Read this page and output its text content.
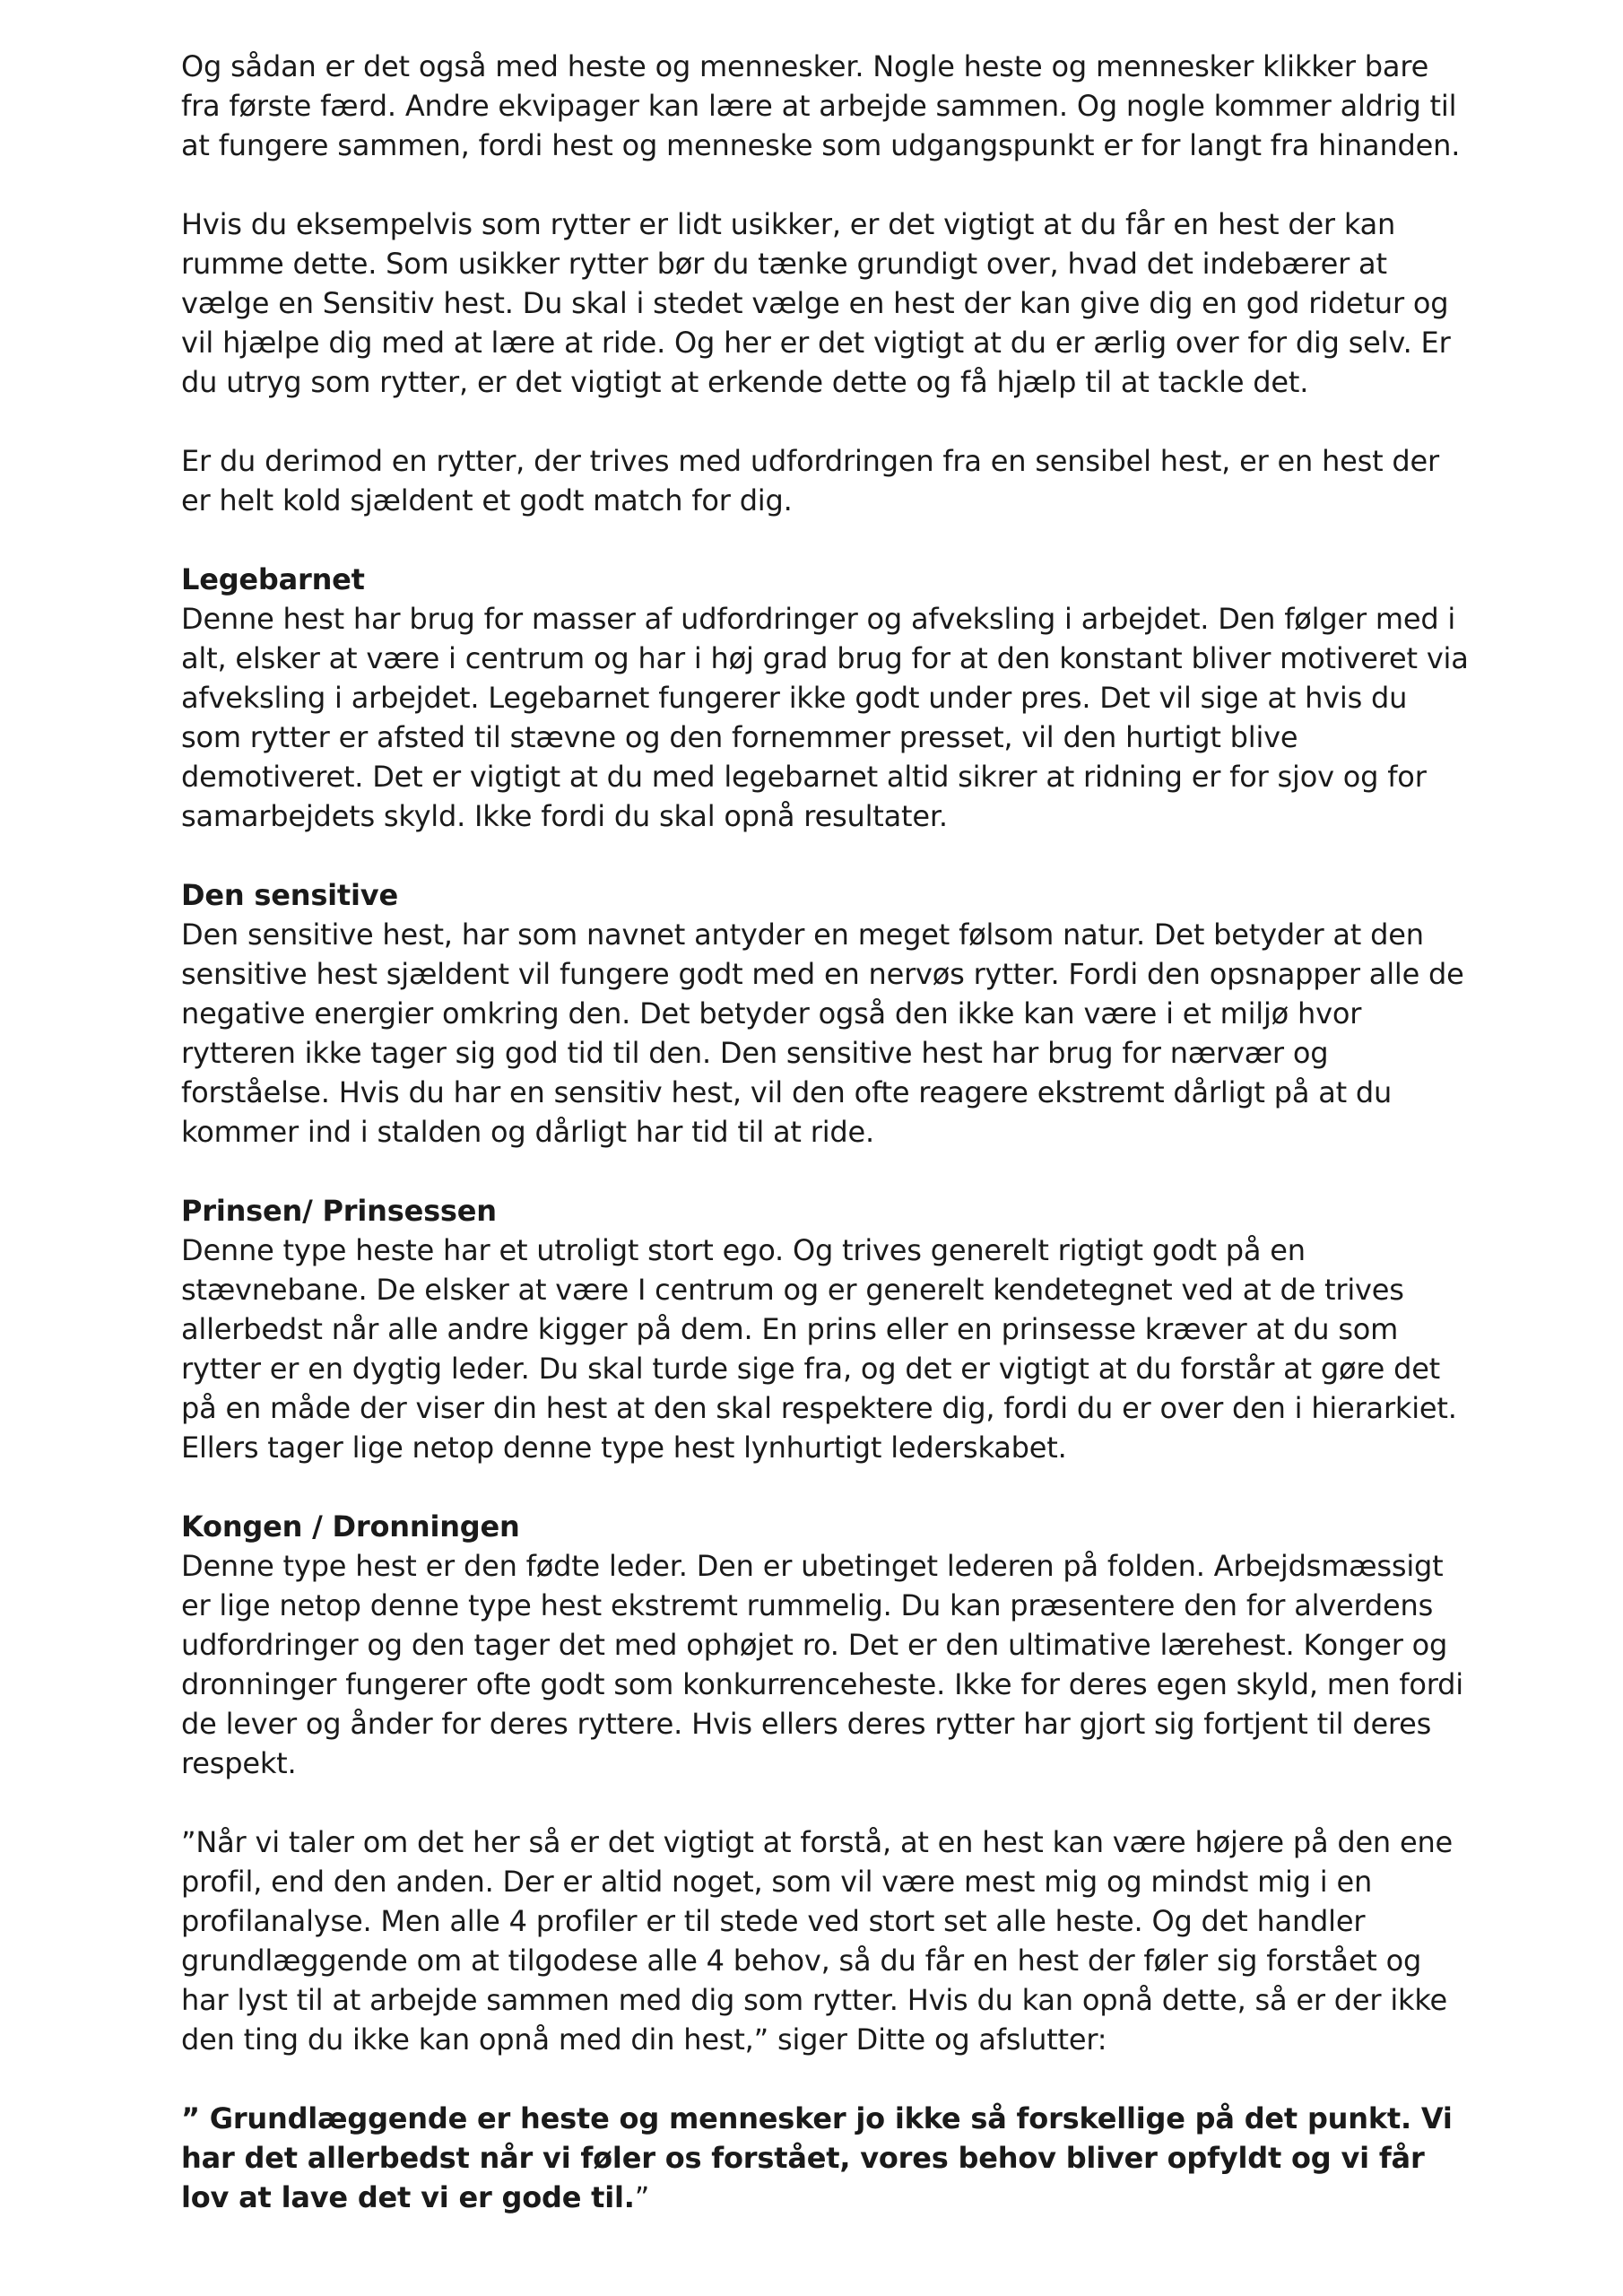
Og sådan er det også med heste og mennesker. Nogle heste og mennesker klikker bare fra første færd. Andre ekvipager kan lære at arbejde sammen. Og nogle kommer aldrig til at fungere sammen, fordi hest og menneske som udgangspunkt er for langt fra hinanden.

Hvis du eksempelvis som rytter er lidt usikker, er det vigtigt at du får en hest der kan rumme dette. Som usikker rytter bør du tænke grundigt over, hvad det indebærer at vælge en Sensitiv hest. Du skal i stedet vælge en hest der kan give dig en god ridetur og vil hjælpe dig med at lære at ride. Og her er det vigtigt at du er ærlig over for dig selv. Er du utryg som rytter, er det vigtigt at erkende dette og få hjælp til at tackle det.

Er du derimod en rytter, der trives med udfordringen fra en sensibel hest, er en hest der er helt kold sjældent et godt match for dig.

Legebarnet
Denne hest har brug for masser af udfordringer og afveksling i arbejdet. Den følger med i alt, elsker at være i centrum og har i høj grad brug for at den konstant bliver motiveret via afveksling i arbejdet. Legebarnet fungerer ikke godt under pres. Det vil sige at hvis du som rytter er afsted til stævne og den fornemmer presset, vil den hurtigt blive demotiveret. Det er vigtigt at du med legebarnet altid sikrer at ridning er for sjov og for samarbejdets skyld. Ikke fordi du skal opnå resultater.
Den sensitive
Den sensitive hest, har som navnet antyder en meget følsom natur. Det betyder at den sensitive hest sjældent vil fungere godt med en nervøs rytter. Fordi den opsnapper alle de negative energier omkring den. Det betyder også den ikke kan være i et miljø hvor rytteren ikke tager sig god tid til den. Den sensitive hest har brug for nærvær og forståelse. Hvis du har en sensitiv hest, vil den ofte reagere ekstremt dårligt på at du kommer ind i stalden og dårligt har tid til at ride.
Prinsen/ Prinsessen
Denne type heste har et utroligt stort ego. Og trives generelt rigtigt godt på en stævnebane. De elsker at være I centrum og er generelt kendetegnet ved at de trives allerbedst når alle andre kigger på dem. En prins eller en prinsesse kræver at du som rytter er en dygtig leder. Du skal turde sige fra, og det er vigtigt at du forstår at gøre det på en måde der viser din hest at den skal respektere dig, fordi du er over den i hierarkiet. Ellers tager lige netop denne type hest lynhurtigt lederskabet.
Kongen / Dronningen
Denne type hest er den fødte leder. Den er ubetinget lederen på folden. Arbejdsmæssigt er lige netop denne type hest ekstremt rummelig. Du kan præsentere den for alverdens udfordringer og den tager det med ophøjet ro. Det er den ultimative lærehest. Konger og dronninger fungerer ofte godt som konkurrenceheste. Ikke for deres egen skyld, men fordi de lever og ånder for deres ryttere. Hvis ellers deres rytter har gjort sig fortjent til deres respekt.

”Når vi taler om det her så er det vigtigt at forstå, at en hest kan være højere på den ene profil, end den anden. Der er altid noget, som vil være mest mig og mindst mig i en profilanalyse. Men alle 4 profiler er til stede ved stort set alle heste. Og det handler grundlæggende om at tilgodese alle 4 behov, så du får en hest der føler sig forstået og har lyst til at arbejde sammen med dig som rytter. Hvis du kan opnå dette, så er der ikke den ting du ikke kan opnå med din hest,” siger Ditte og afslutter:

” Grundlæggende er heste og mennesker jo ikke så forskellige på det punkt. Vi har det allerbedst når vi føler os forstået, vores behov bliver opfyldt og vi får lov at lave det vi er gode til.”
